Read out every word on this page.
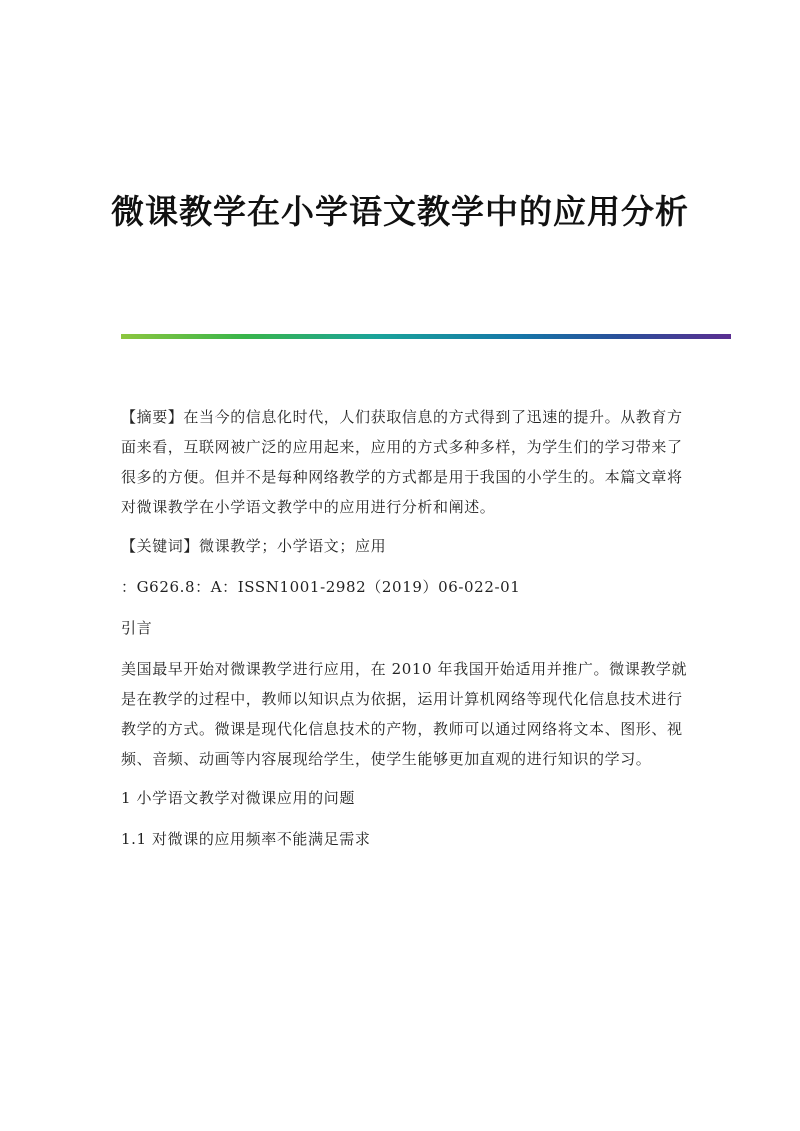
微课教学在小学语文教学中的应用分析

【摘要】在当今的信息化时代，人们获取信息的方式得到了迅速的提升。从教育方面来看，互联网被广泛的应用起来，应用的方式多种多样，为学生们的学习带来了很多的方便。但并不是每种网络教学的方式都是用于我国的小学生的。本篇文章将对微课教学在小学语文教学中的应用进行分析和阐述。

【关键词】微课教学；小学语文；应用

：G626.8：A：ISSN1001-2982（2019）06-022-01

引言

美国最早开始对微课教学进行应用，在 2010 年我国开始适用并推广。微课教学就是在教学的过程中，教师以知识点为依据，运用计算机网络等现代化信息技术进行教学的方式。微课是现代化信息技术的产物，教师可以通过网络将文本、图形、视频、音频、动画等内容展现给学生，使学生能够更加直观的进行知识的学习。

1 小学语文教学对微课应用的问题

1.1 对微课的应用频率不能满足需求
